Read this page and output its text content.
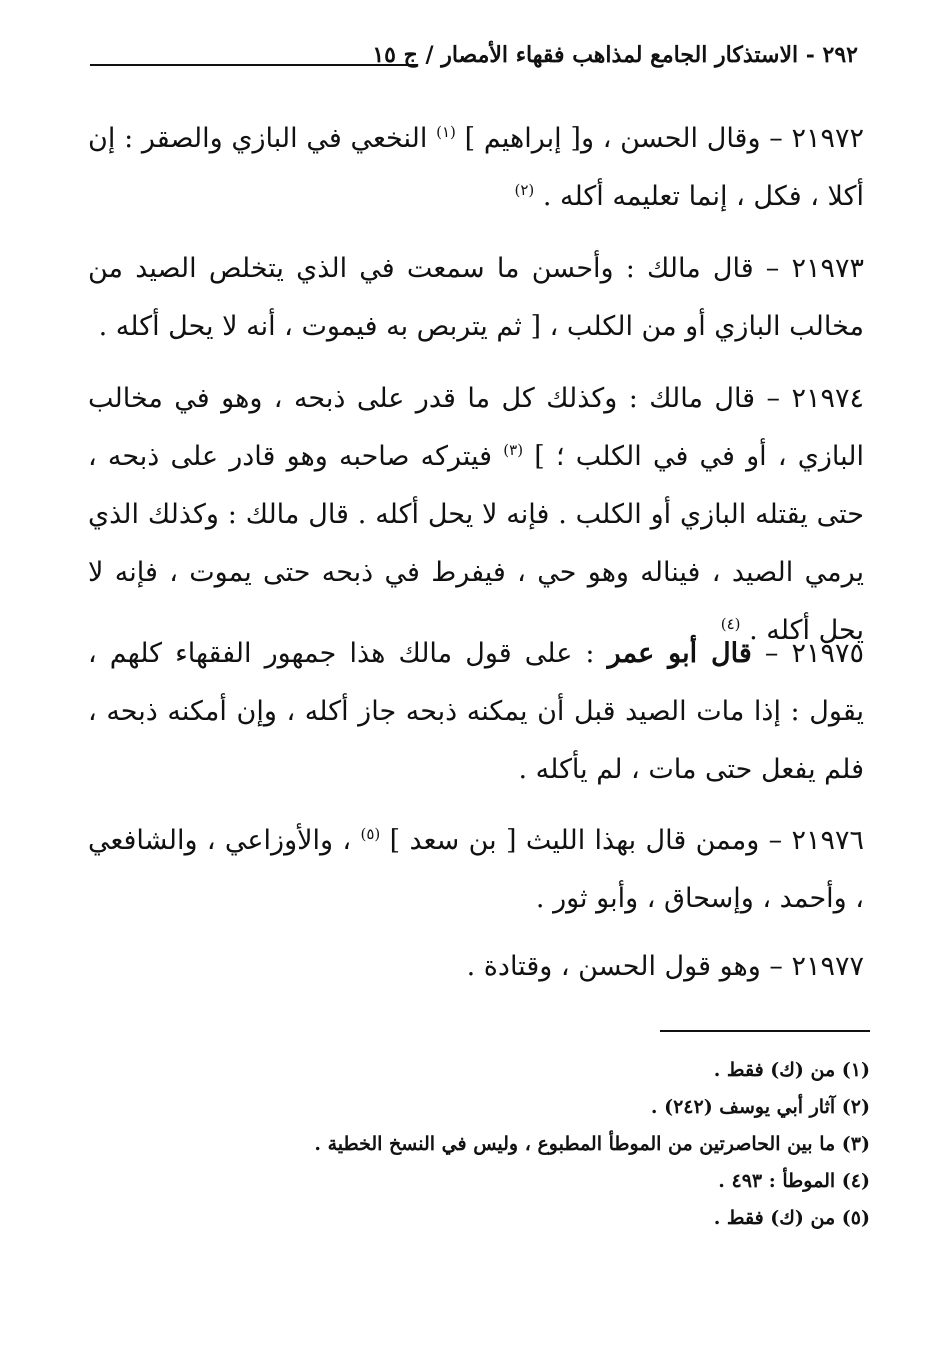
٢٩٢ - الاستذكار الجامع لمذاهب فقهاء الأمصار / ج ١٥
٢١٩٧٢ – وقال الحسن ، و[ إبراهيم ] $^{(١)}$ النخعي في البازي والصقر : إن أكلا ، فكل ، إنما تعليمه أكله . $^{(٢)}$
٢١٩٧٣ – قال مالك : وأحسن ما سمعت في الذي يتخلص الصيد من مخالب البازي أو من الكلب ، [ ثم يتربص به فيموت ، أنه لا يحل أكله .
٢١٩٧٤ – قال مالك : وكذلك كل ما قدر على ذبحه ، وهو في مخالب البازي ، أو في في الكلب ؛ ] $^{(٣)}$ فيتركه صاحبه وهو قادر على ذبحه ، حتى يقتله البازي أو الكلب . فإنه لا يحل أكله . قال مالك : وكذلك الذي يرمي الصيد ، فيناله وهو حي ، فيفرط في ذبحه حتى يموت ، فإنه لا يحل أكله . $^{(٤)}$
٢١٩٧٥ – قال أبو عمر : على قول مالك هذا جمهور الفقهاء كلهم ، يقول : إذا مات الصيد قبل أن يمكنه ذبحه جاز أكله ، وإن أمكنه ذبحه ، فلم يفعل حتى مات ، لم يأكله .
٢١٩٧٦ – وممن قال بهذا الليث [ بن سعد ] $^{(٥)}$ ، والأوزاعي ، والشافعي ، وأحمد ، وإسحاق ، وأبو ثور .
٢١٩٧٧ – وهو قول الحسن ، وقتادة .
(١) من (ك) فقط .
(٢) آثار أبي يوسف (٢٤٢) .
(٣) ما بين الحاصرتين من الموطأ المطبوع ، وليس في النسخ الخطية .
(٤) الموطأ : ٤٩٣ .
(٥) من (ك) فقط .
